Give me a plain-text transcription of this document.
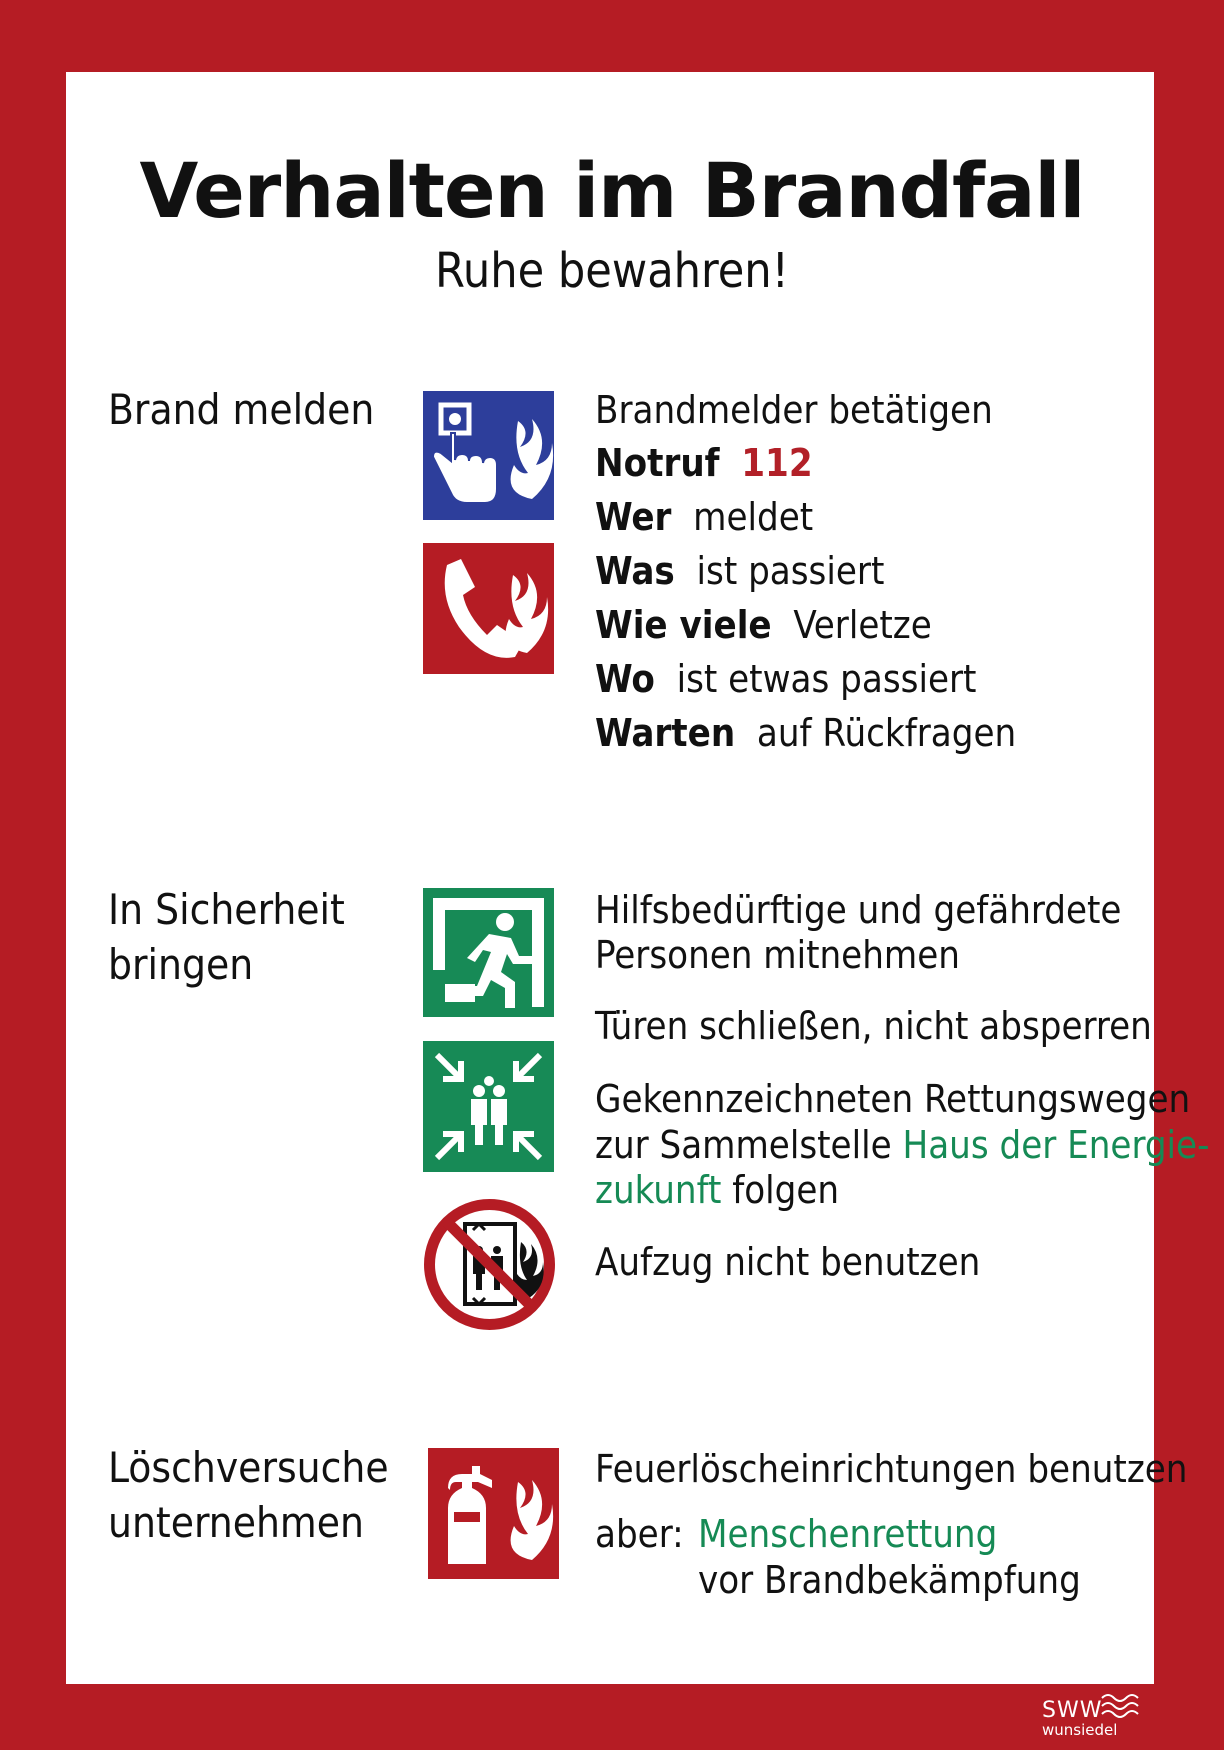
Verhalten im Brandfall
Ruhe bewahren!
Brand melden	Brandmelder betätigen
Notruf 112
Wer meldet
Was ist passiert
Wie viele Verletze
Wo ist etwas passiert
Warten auf Rückfragen
In Sicherheit
bringen
Hilfsbedürftige und gefährdete
Personen mitnehmen
Türen schließen, nicht absperren
Gekennzeichneten Rettungswegen
zur Sammelstelle Haus der Energie-
zukunft folgen
Aufzug nicht benutzen
Löschversuche
unternehmen
Feuerlöscheinrichtungen benutzen
aber: Menschenrettung
vor Brandbekämpfung
SWW
wunsiedel
